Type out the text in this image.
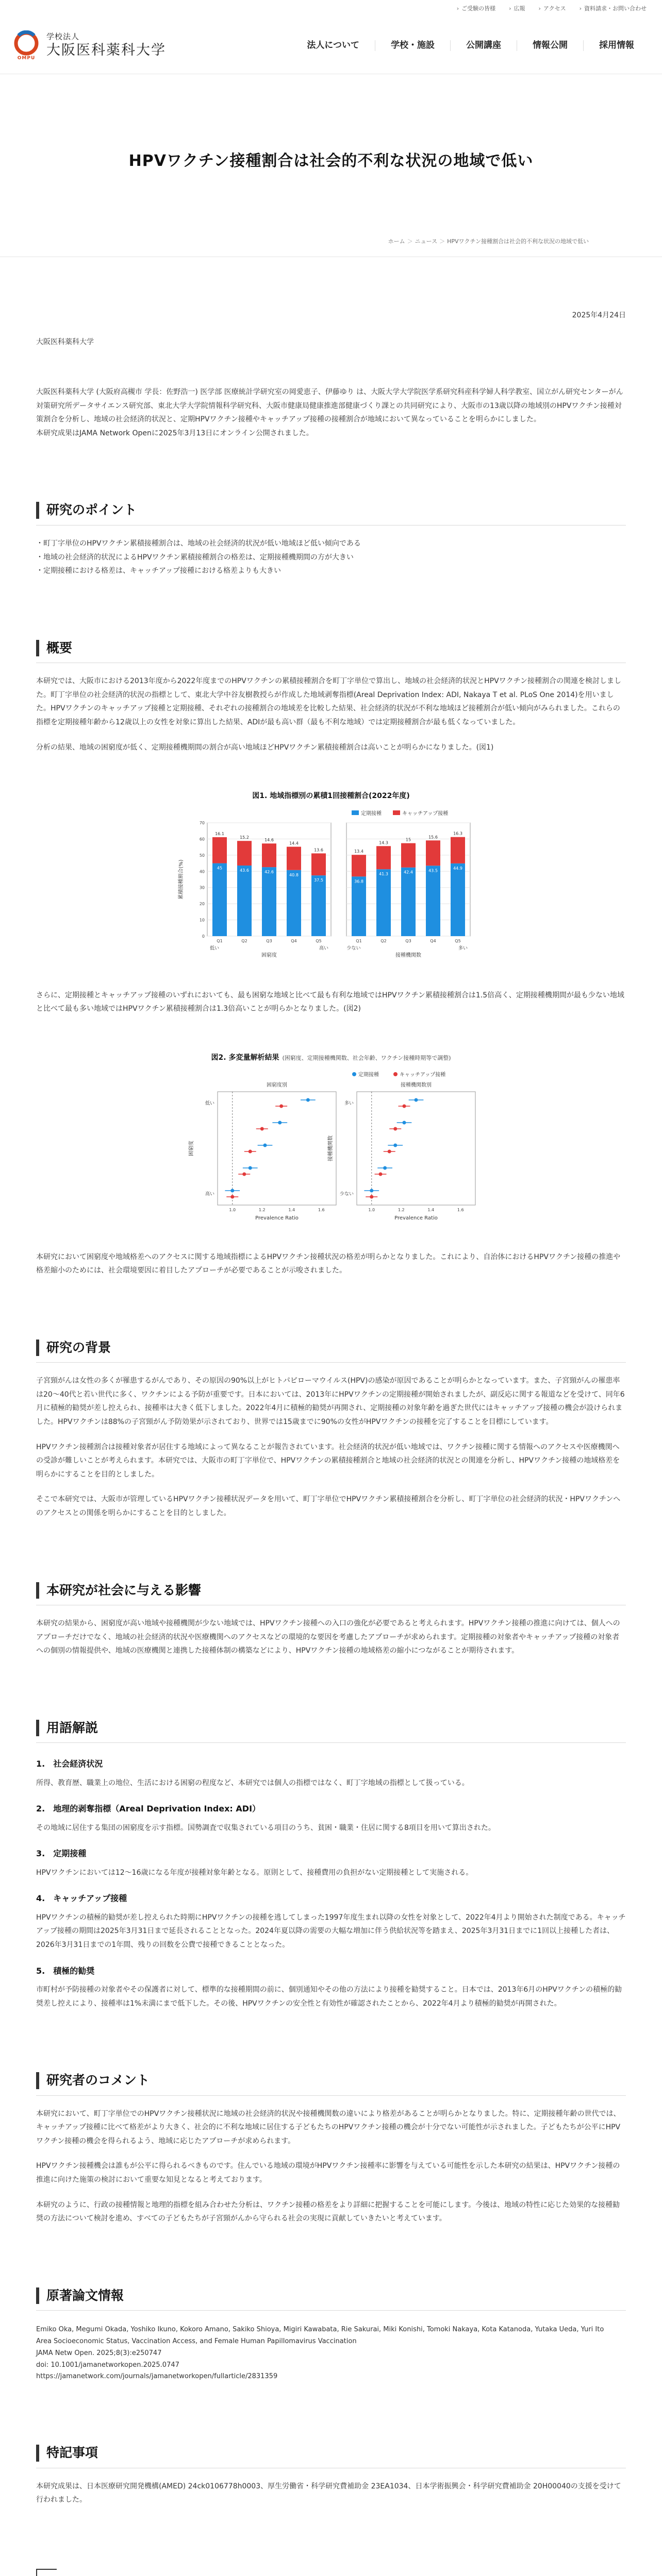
› ご受験の皆様 › 広報 › アクセス › 資料請求・お問い合わせ
OMPU
学校法人
大阪医科薬科大学	法人について	学校・施設	公開講座	情報公開	採用情報
HPVワクチン接種割合は社会的不利な状況の地域で低い
ホーム ＞ ニュース ＞ HPVワクチン接種割合は社会的不利な状況の地域で低い
2025年4月24日
大阪医科薬科大学

大阪医科薬科大学 (大阪府高槻市 学長：佐野浩一) 医学部 医療統計学研究室の岡愛恵子、伊藤ゆり は、大阪大学大学院医学系研究科産科学婦人科学教室、国立がん研究センターがん対策研究所データサイエンス研究部、東北大学大学院情報科学研究科、大阪市健康局健康推進部健康づくり課との共同研究により、大阪市の13歳以降の地域別のHPVワクチン接種対策割合を分析し、地域の社会経済的状況と、定期HPVワクチン接種やキャッチアップ接種の接種割合が地域において異なっていることを明らかにしました。

本研究成果はJAMA Network Openに2025年3月13日にオンライン公開されました。

研究のポイント
・町丁字単位のHPVワクチン累積接種割合は、地域の社会経済的状況が低い地域ほど低い傾向である
・地域の社会経済的状況によるHPVワクチン累積接種割合の格差は、定期接種機期間の方が大きい
・定期接種における格差は、キャッチアップ接種における格差よりも大きい
概要

本研究では、大阪市における2013年度から2022年度までのHPVワクチンの累積接種割合を町丁字単位で算出し、地域の社会経済的状況とHPVワクチン接種割合の関連を検討しました。町丁字単位の社会経済的状況の指標として、東北大学中谷友樹教授らが作成した地域剥奪指標(Areal Deprivation Index: ADI, Nakaya T et al. PLoS One 2014)を用いました。HPVワクチンのキャッチアップ接種と定期接種、それぞれの接種割合の地域差を比較した結果、社会経済的状況が不利な地域ほど接種割合が低い傾向がみられました。これらの指標を定期接種年齢から12歳以上の女性を対象に算出した結果、ADIが最も高い群（最も不利な地域）では定期接種割合が最も低くなっていました。

分析の結果、地域の困窮度が低く、定期接種機期間の割合が高い地域ほどHPVワクチン累積接種割合は高いことが明らかになりました。(図1)

図1. 地域指標別の累積1回接種割合(2022年度)
定期接種	キャッチアップ接種
累積接種割合(%)
0
10
20
30
40
50
60
70
45
16.1
Q1
43.6
15.2
Q2
42.6
14.6
Q3
40.8
14.4
Q4
37.5
13.6
Q5
低い	高い
困窮度
36.8
13.4
Q1
41.3
14.3
Q2
42.4
15
Q3
43.5
15.6
Q4
44.9
16.3
Q5
少ない	多い
接種機関数

さらに、定期接種とキャッチアップ接種のいずれにおいても、最も困窮な地域と比べて最も有利な地域ではHPVワクチン累積接種割合は1.5倍高く、定期接種機期間が最も少ない地域と比べて最も多い地域ではHPVワクチン累積接種割合は1.3倍高いことが明らかとなりました。(図2)

図2. 多変量解析結果 (困窮度、定期接種機関数、社会年齢、ワクチン接種時期等で調整)
定期接種	キャッチアップ接種
困窮度別
1.0	1.2	1.4	1.6
低い
高い
困窮度
Prevalence Ratio
接種機関数別
1.0	1.2	1.4	1.6
多い
少ない
接種機関数
Prevalence Ratio

本研究において困窮度や地域格差へのアクセスに関する地域指標によるHPVワクチン接種状況の格差が明らかとなりました。これにより、自治体におけるHPVワクチン接種の推進や格差縮小のためには、社会環境要因に着目したアプローチが必要であることが示唆されました。

研究の背景

子宮頸がんは女性の多くが罹患するがんであり、その原因の90%以上がヒトパピローマウイルス(HPV)の感染が原因であることが明らかとなっています。また、子宮頸がんの罹患率は20〜40代と若い世代に多く、ワクチンによる予防が重要です。日本においては、2013年にHPVワクチンの定期接種が開始されましたが、副反応に関する報道などを受けて、同年6月に積極的勧奨が差し控えられ、接種率は大きく低下しました。2022年4月に積極的勧奨が再開され、定期接種の対象年齢を過ぎた世代にはキャッチアップ接種の機会が設けられました。HPVワクチンは88%の子宮頸がん予防効果が示されており、世界では15歳までに90%の女性がHPVワクチンの接種を完了することを目標にしています。

HPVワクチン接種割合は接種対象者が居住する地域によって異なることが報告されています。社会経済的状況が低い地域では、ワクチン接種に関する情報へのアクセスや医療機関への受診が難しいことが考えられます。本研究では、大阪市の町丁字単位で、HPVワクチンの累積接種割合と地域の社会経済的状況との関連を分析し、HPVワクチン接種の地域格差を明らかにすることを目的としました。

そこで本研究では、大阪市が管理しているHPVワクチン接種状況データを用いて、町丁字単位でHPVワクチン累積接種割合を分析し、町丁字単位の社会経済的状況・HPVワクチンへのアクセスとの関係を明らかにすることを目的としました。

本研究が社会に与える影響

本研究の結果から、困窮度が高い地域や接種機関が少ない地域では、HPVワクチン接種への入口の強化が必要であると考えられます。HPVワクチン接種の推進に向けては、個人へのアプローチだけでなく、地域の社会経済的状況や医療機関へのアクセスなどの環境的な要因を考慮したアプローチが求められます。定期接種の対象者やキャッチアップ接種の対象者への個別の情報提供や、地域の医療機関と連携した接種体制の構築などにより、HPVワクチン接種の地域格差の縮小につながることが期待されます。

用語解説
1.　社会経済状況

所得、教育歴、職業上の地位、生活における困窮の程度など、本研究では個人の指標ではなく、町丁字地域の指標として扱っている。

2.　地理的剥奪指標（Areal Deprivation Index: ADI）

その地域に居住する集団の困窮度を示す指標。国勢調査で収集されている項目のうち、貧困・職業・住居に関する8項目を用いて算出された。

3.　定期接種

HPVワクチンにおいては12〜16歳になる年度が接種対象年齢となる。原則として、接種費用の負担がない定期接種として実施される。

4.　キャッチアップ接種

HPVワクチンの積極的勧奨が差し控えられた時期にHPVワクチンの接種を逃してしまった1997年度生まれ以降の女性を対象として、2022年4月より開始された制度である。キャッチアップ接種の期間は2025年3月31日まで延長されることとなった。2024年夏以降の需要の大幅な増加に伴う供給状況等を踏まえ、2025年3月31日までに1回以上接種した者は、2026年3月31日までの1年間、残りの回数を公費で接種できることとなった。

5.　積極的勧奨

市町村が予防接種の対象者やその保護者に対して、標準的な接種期間の前に、個別通知やその他の方法により接種を勧奨すること。日本では、2013年6月のHPVワクチンの積極的勧奨差し控えにより、接種率は1%未満にまで低下した。その後、HPVワクチンの安全性と有効性が確認されたことから、2022年4月より積極的勧奨が再開された。

研究者のコメント

本研究において、町丁字単位でのHPVワクチン接種状況に地域の社会経済的状況や接種機関数の違いにより格差があることが明らかとなりました。特に、定期接種年齢の世代では、キャッチアップ接種に比べて格差がより大きく、社会的に不利な地域に居住する子どもたちのHPVワクチン接種の機会が十分でない可能性が示されました。子どもたちが公平にHPVワクチン接種の機会を得られるよう、地域に応じたアプローチが求められます。

HPVワクチン接種機会は誰もが公平に得られるべきものです。住んでいる地域の環境がHPVワクチン接種率に影響を与えている可能性を示した本研究の結果は、HPVワクチン接種の推進に向けた施策の検討において重要な知見となると考えております。

本研究のように、行政の接種情報と地理的指標を組み合わせた分析は、ワクチン接種の格差をより詳細に把握することを可能にします。今後は、地域の特性に応じた効果的な接種勧奨の方法について検討を進め、すべての子どもたちが子宮頸がんから守られる社会の実現に貢献していきたいと考えています。

原著論文情報
Emiko Oka, Megumi Okada, Yoshiko Ikuno, Kokoro Amano, Sakiko Shioya, Migiri Kawabata, Rie Sakurai, Miki Konishi, Tomoki Nakaya, Kota Katanoda, Yutaka Ueda, Yuri Ito
Area Socioeconomic Status, Vaccination Access, and Female Human Papillomavirus Vaccination
JAMA Netw Open. 2025;8(3):e250747
doi: 10.1001/jamanetworkopen.2025.0747
https://jamanetwork.com/journals/jamanetworkopen/fullarticle/2831359
特記事項

本研究成果は、日本医療研究開発機構(AMED) 24ck0106778h0003、厚生労働省・科学研究費補助金 23EA1034、日本学術振興会・科学研究費補助金 20H00040の支援を受けて行われました。
